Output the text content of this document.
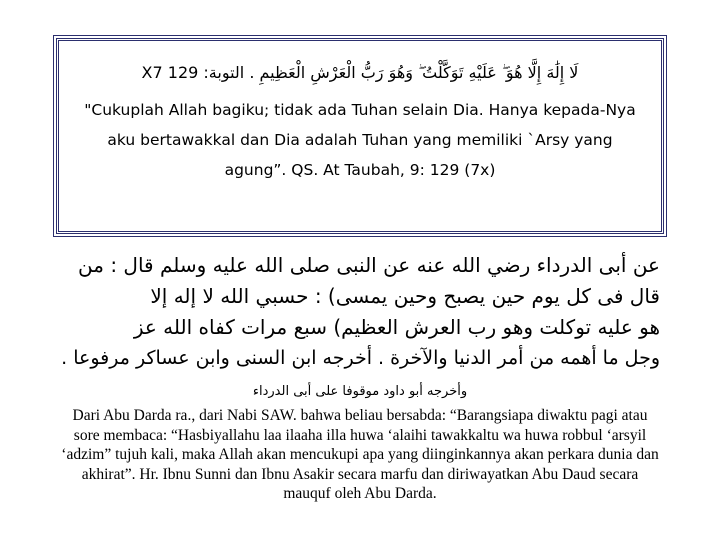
لَا إِلَٰهَ إِلَّا هُوَ ۖ عَلَيْهِ تَوَكَّلْتُ ۖ وَهُوَ رَبُّ الْعَرْشِ الْعَظِيمِ . التوبة: 129 X7
"Cukuplah Allah bagiku; tidak ada Tuhan selain Dia. Hanya kepada-Nya aku bertawakkal dan Dia adalah Tuhan yang memiliki `Arsy yang agung”. QS. At Taubah, 9: 129 (7x)
عن أبى الدرداء رضي الله عنه عن النبى صلى الله عليه وسلم قال : من
قال فى كل يوم حين يصبح وحين يمسى) : حسبي الله لا إله إلا
هو عليه توكلت وهو رب العرش العظيم) سبع مرات كفاه الله عز
وجل ما أهمه من أمر الدنيا والآخرة . أخرجه ابن السنى وابن عساكر مرفوعا .
وأخرجه أبو داود موقوفا على أبى الدرداء
Dari Abu Darda ra., dari Nabi SAW. bahwa beliau bersabda: “Barangsiapa diwaktu pagi atau sore membaca: “Hasbiyallahu laa ilaaha illa huwa ‘alaihi tawakkaltu wa huwa robbul ‘arsyil ‘adzim” tujuh kali, maka Allah akan mencukupi apa yang diinginkannya akan perkara dunia dan akhirat”. Hr. Ibnu Sunni dan Ibnu Asakir secara marfu dan diriwayatkan Abu Daud secara mauquf oleh Abu Darda.
